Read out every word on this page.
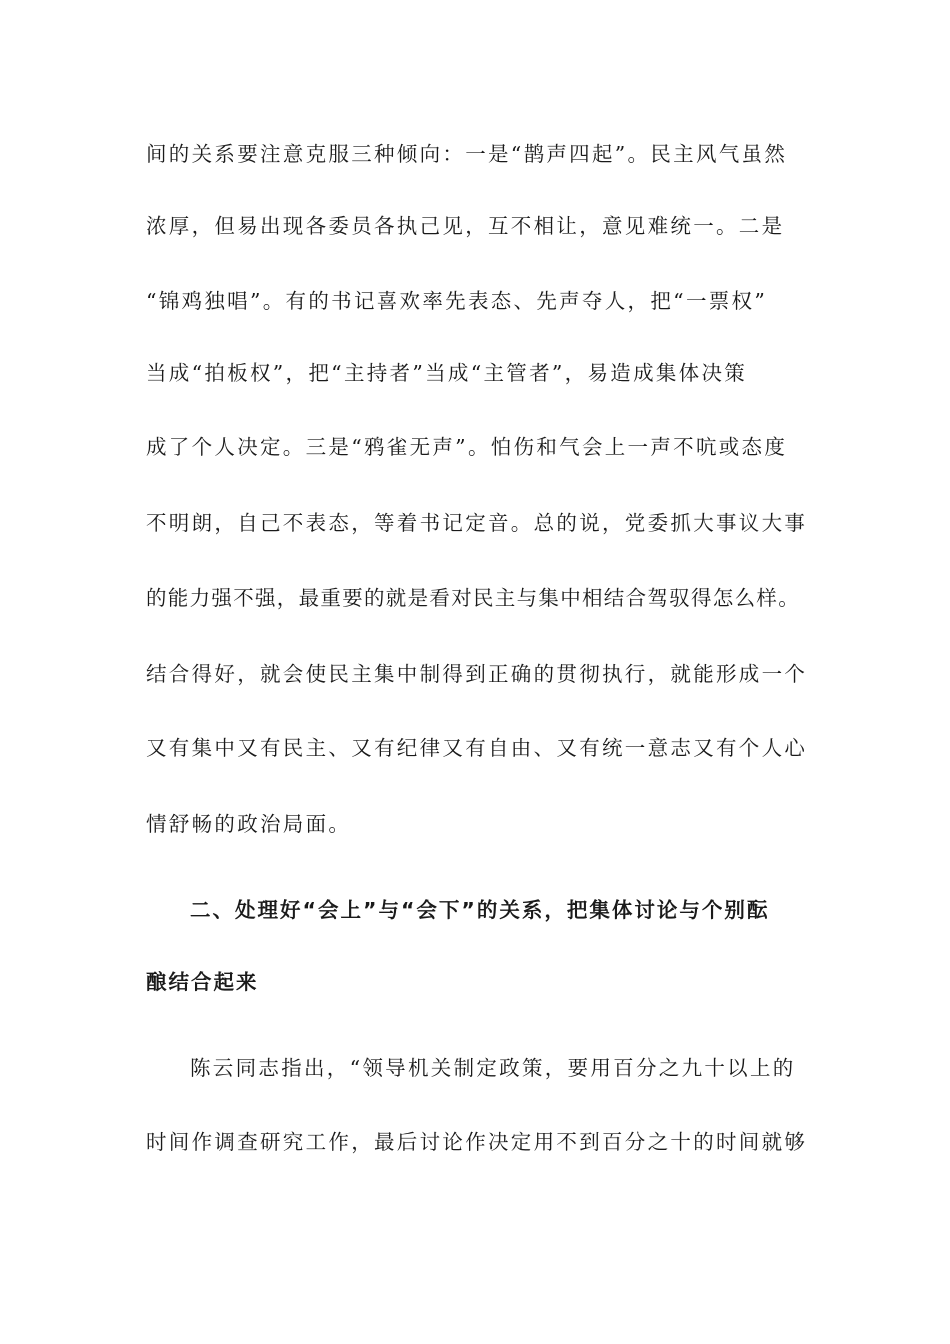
间的关系要注意克服三种倾向：一是“鹊声四起”。民主风气虽然
浓厚，但易出现各委员各执己见，互不相让，意见难统一。二是
“锦鸡独唱”。有的书记喜欢率先表态、先声夺人，把“一票权”
当成“拍板权”，把“主持者”当成“主管者”，易造成集体决策
成了个人决定。三是“鸦雀无声”。怕伤和气会上一声不吭或态度
不明朗，自己不表态，等着书记定音。总的说，党委抓大事议大事
的能力强不强，最重要的就是看对民主与集中相结合驾驭得怎么样。
结合得好，就会使民主集中制得到正确的贯彻执行，就能形成一个
又有集中又有民主、又有纪律又有自由、又有统一意志又有个人心
情舒畅的政治局面。
二、处理好“会上”与“会下”的关系，把集体讨论与个别酝
酿结合起来
陈云同志指出，“领导机关制定政策，要用百分之九十以上的
时间作调查研究工作，最后讨论作决定用不到百分之十的时间就够
